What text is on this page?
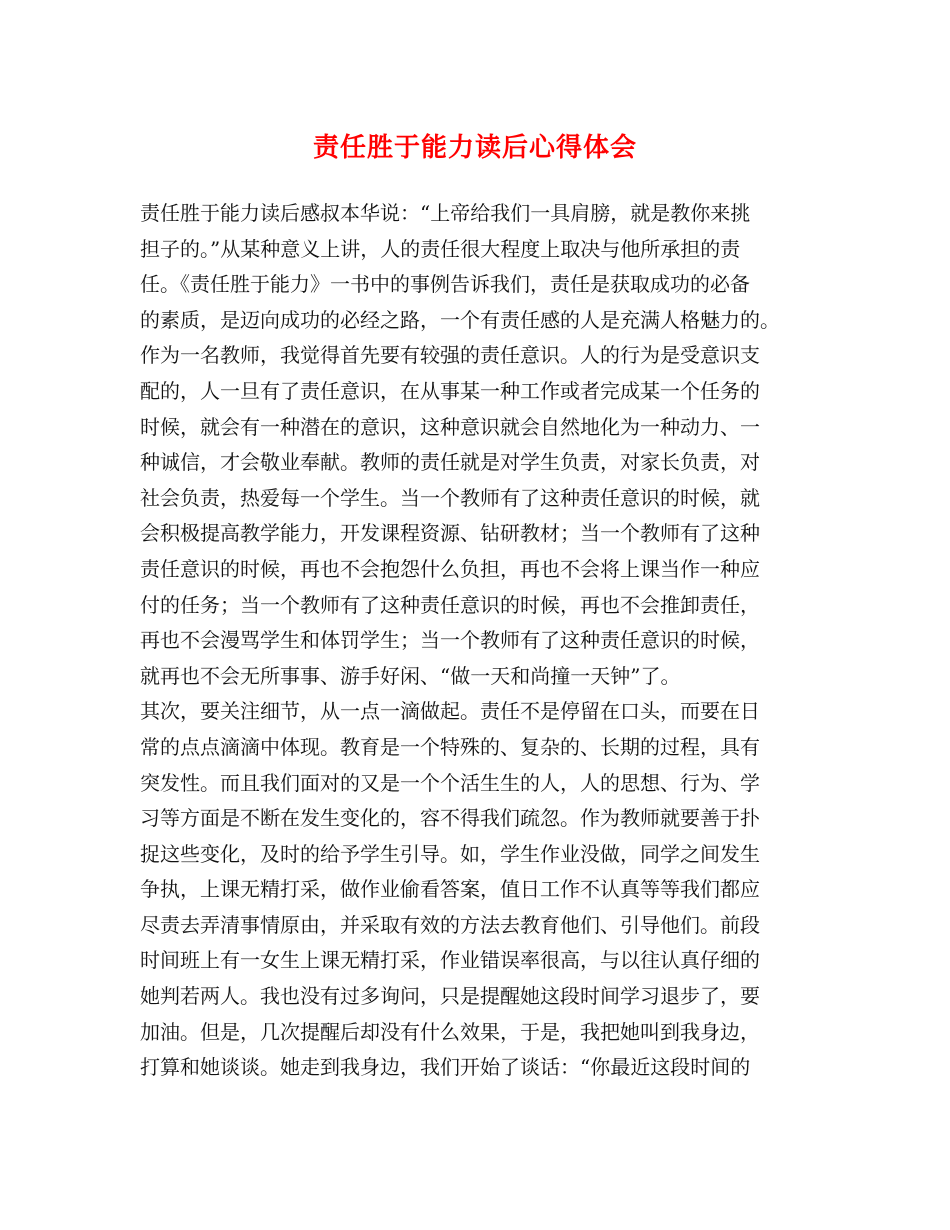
责任胜于能力读后心得体会
责任胜于能力读后感叔本华说：“上帝给我们一具肩膀，就是教你来挑
担子的。”从某种意义上讲，人的责任很大程度上取决与他所承担的责
任。《责任胜于能力》一书中的事例告诉我们，责任是获取成功的必备
的素质，是迈向成功的必经之路，一个有责任感的人是充满人格魅力的。
作为一名教师，我觉得首先要有较强的责任意识。人的行为是受意识支
配的，人一旦有了责任意识，在从事某一种工作或者完成某一个任务的
时候，就会有一种潜在的意识，这种意识就会自然地化为一种动力、一
种诚信，才会敬业奉献。教师的责任就是对学生负责，对家长负责，对
社会负责，热爱每一个学生。当一个教师有了这种责任意识的时候，就
会积极提高教学能力，开发课程资源、钻研教材；当一个教师有了这种
责任意识的时候，再也不会抱怨什么负担，再也不会将上课当作一种应
付的任务；当一个教师有了这种责任意识的时候，再也不会推卸责任，
再也不会漫骂学生和体罚学生；当一个教师有了这种责任意识的时候，
就再也不会无所事事、游手好闲、“做一天和尚撞一天钟”了。
其次，要关注细节，从一点一滴做起。责任不是停留在口头，而要在日
常的点点滴滴中体现。教育是一个特殊的、复杂的、长期的过程，具有
突发性。而且我们面对的又是一个个活生生的人，人的思想、行为、学
习等方面是不断在发生变化的，容不得我们疏忽。作为教师就要善于扑
捉这些变化，及时的给予学生引导。如，学生作业没做，同学之间发生
争执，上课无精打采，做作业偷看答案，值日工作不认真等等我们都应
尽责去弄清事情原由，并采取有效的方法去教育他们、引导他们。前段
时间班上有一女生上课无精打采，作业错误率很高，与以往认真仔细的
她判若两人。我也没有过多询问，只是提醒她这段时间学习退步了，要
加油。但是，几次提醒后却没有什么效果，于是，我把她叫到我身边，
打算和她谈谈。她走到我身边，我们开始了谈话：“你最近这段时间的
